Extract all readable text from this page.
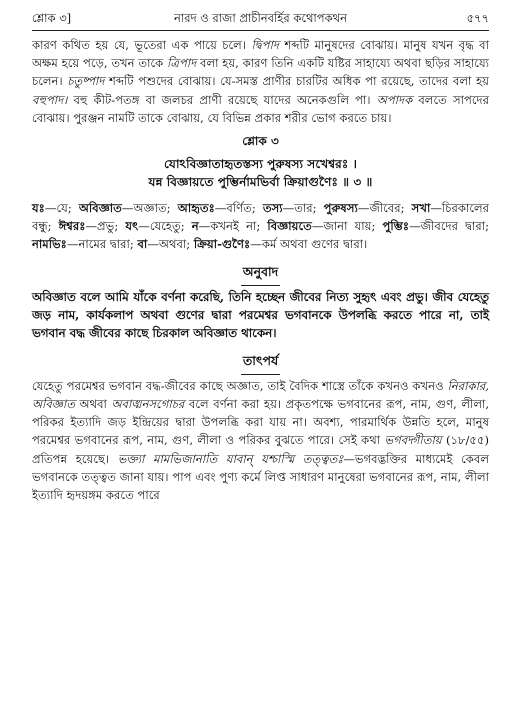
শ্লোক ৩]	নারদ ও রাজা প্রাচীনবর্হির কথোপকথন	৫৭৭

কারণ কথিত হয় যে, ভূতেরা এক পায়ে চলে। দ্বিপাদ শব্দটি মানুষদের বোঝায়। মানুষ যখন বৃদ্ধ বা অক্ষম হয়ে পড়ে, তখন তাকে ত্রিপাদ বলা হয়, কারণ তিনি একটি যষ্টির সাহায্যে অথবা ছড়ির সাহায্যে চলেন। চতুষ্পাদ শব্দটি পশুদের বোঝায়। যে-সমস্ত প্রাণীর চারটির অধিক পা রয়েছে, তাদের বলা হয় বহুপাদ। বহু কীট-পতঙ্গ বা জলচর প্রাণী রয়েছে যাদের অনেকগুলি পা। অপাদক বলতে সাপদের বোঝায়। পুরঞ্জন নামটি তাকে বোঝায়, যে বিভিন্ন প্রকার শরীর ভোগ করতে চায়।

শ্লোক ৩
যোঽবিজ্ঞাতাহৃতস্তস্য পুরুষস্য সখেশ্বরঃ ।
যন্ন বিজ্ঞায়তে পুম্ভির্নামভির্বা ক্রিয়াগুণৈঃ ॥ ৩ ॥

যঃ—যে; অবিজ্ঞাত—অজ্ঞাত; আহৃতঃ—বর্ণিত; তস্য—তার; পুরুষস্য—জীবের; সখা—চিরকালের বন্ধু; ঈশ্বরঃ—প্রভু; যৎ—যেহেতু; ন—কখনই না; বিজ্ঞায়তে—জানা যায়; পুম্ভিঃ—জীবদের দ্বারা; নামভিঃ—নামের দ্বারা; বা—অথবা; ক্রিয়া-গুণৈঃ—কর্ম অথবা গুণের দ্বারা।

অনুবাদ

অবিজ্ঞাত বলে আমি যাঁকে বর্ণনা করেছি, তিনি হচ্ছেন জীবের নিত্য সুহৃৎ এবং প্রভু। জীব যেহেতু জড় নাম, কার্যকলাপ অথবা গুণের দ্বারা পরমেশ্বর ভগবানকে উপলব্ধি করতে পারে না, তাই ভগবান বদ্ধ জীবের কাছে চিরকাল অবিজ্ঞাত থাকেন।

তাৎপর্য

যেহেতু পরমেশ্বর ভগবান বদ্ধ-জীবের কাছে অজ্ঞাত, তাই বৈদিক শাস্ত্রে তাঁকে কখনও কখনও নিরাকার, অবিজ্ঞাত অথবা অবাঙ্মনসগোচর বলে বর্ণনা করা হয়। প্রকৃতপক্ষে ভগবানের রূপ, নাম, গুণ, লীলা, পরিকর ইত্যাদি জড় ইন্দ্রিয়ের দ্বারা উপলব্ধি করা যায় না। অবশ্য, পারমার্থিক উন্নতি হলে, মানুষ পরমেশ্বর ভগবানের রূপ, নাম, গুণ, লীলা ও পরিকর বুঝতে পারে। সেই কথা ভগবদ্গীতায় (১৮/৫৫) প্রতিপন্ন হয়েছে। ভক্ত্যা মামভিজানাতি যাবান্ যশ্চাস্মি তত্ত্বতঃ—ভগবদ্ভক্তির মাধ্যমেই কেবল ভগবানকে তত্ত্বত জানা যায়। পাপ এবং পুণ্য কর্মে লিপ্ত সাধারণ মানুষেরা ভগবানের রূপ, নাম, লীলা ইত্যাদি হৃদয়ঙ্গম করতে পারে
